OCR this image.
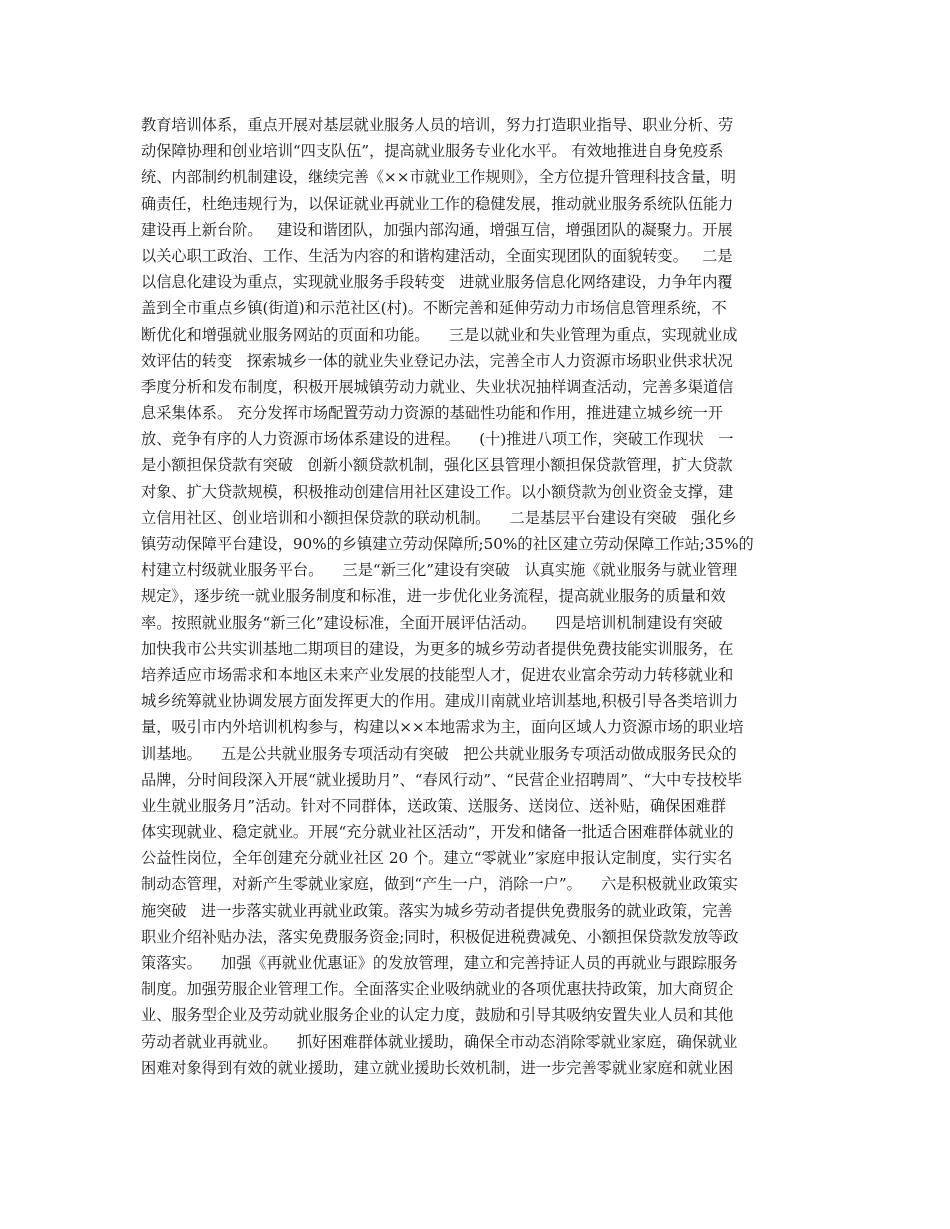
教育培训体系，重点开展对基层就业服务人员的培训，努力打造职业指导、职业分析、劳
动保障协理和创业培训“四支队伍”，提高就业服务专业化水平。 有效地推进自身免疫系
统、内部制约机制建设，继续完善《××市就业工作规则》，全方位提升管理科技含量，明
确责任，杜绝违规行为，以保证就业再就业工作的稳健发展，推动就业服务系统队伍能力
建设再上新台阶。   建设和谐团队，加强内部沟通，增强互信，增强团队的凝聚力。开展
以关心职工政治、工作、生活为内容的和谐构建活动，全面实现团队的面貌转变。   二是
以信息化建设为重点，实现就业服务手段转变   进就业服务信息化网络建设，力争年内覆
盖到全市重点乡镇(街道)和示范社区(村)。不断完善和延伸劳动力市场信息管理系统，不
断优化和增强就业服务网站的页面和功能。    三是以就业和失业管理为重点，实现就业成
效评估的转变   探索城乡一体的就业失业登记办法，完善全市人力资源市场职业供求状况
季度分析和发布制度，积极开展城镇劳动力就业、失业状况抽样调查活动，完善多渠道信
息采集体系。 充分发挥市场配置劳动力资源的基础性功能和作用，推进建立城乡统一开
放、竞争有序的人力资源市场体系建设的进程。    (十)推进八项工作，突破工作现状   一
是小额担保贷款有突破   创新小额贷款机制，强化区县管理小额担保贷款管理，扩大贷款
对象、扩大贷款规模，积极推动创建信用社区建设工作。以小额贷款为创业资金支撑，建
立信用社区、创业培训和小额担保贷款的联动机制。    二是基层平台建设有突破   强化乡
镇劳动保障平台建设，90%的乡镇建立劳动保障所;50%的社区建立劳动保障工作站;35%的
村建立村级就业服务平台。    三是“新三化”建设有突破   认真实施《就业服务与就业管理
规定》，逐步统一就业服务制度和标准，进一步优化业务流程，提高就业服务的质量和效
率。按照就业服务“新三化”建设标准，全面开展评估活动。    四是培训机制建设有突破
加快我市公共实训基地二期项目的建设，为更多的城乡劳动者提供免费技能实训服务，在
培养适应市场需求和本地区未来产业发展的技能型人才，促进农业富余劳动力转移就业和
城乡统筹就业协调发展方面发挥更大的作用。建成川南就业培训基地,积极引导各类培训力
量，吸引市内外培训机构参与，构建以××本地需求为主，面向区域人力资源市场的职业培
训基地。    五是公共就业服务专项活动有突破   把公共就业服务专项活动做成服务民众的
品牌，分时间段深入开展“就业援助月”、“春风行动”、“民营企业招聘周”、“大中专技校毕
业生就业服务月”活动。针对不同群体，送政策、送服务、送岗位、送补贴，确保困难群
体实现就业、稳定就业。开展“充分就业社区活动”，开发和储备一批适合困难群体就业的
公益性岗位，全年创建充分就业社区 20 个。建立“零就业”家庭申报认定制度，实行实名
制动态管理，对新产生零就业家庭，做到“产生一户，消除一户”。    六是积极就业政策实
施突破   进一步落实就业再就业政策。落实为城乡劳动者提供免费服务的就业政策，完善
职业介绍补贴办法，落实免费服务资金;同时，积极促进税费减免、小额担保贷款发放等政
策落实。    加强《再就业优惠证》的发放管理，建立和完善持证人员的再就业与跟踪服务
制度。加强劳服企业管理工作。全面落实企业吸纳就业的各项优惠扶持政策，加大商贸企
业、服务型企业及劳动就业服务企业的认定力度，鼓励和引导其吸纳安置失业人员和其他
劳动者就业再就业。    抓好困难群体就业援助，确保全市动态消除零就业家庭，确保就业
困难对象得到有效的就业援助，建立就业援助长效机制，进一步完善零就业家庭和就业困
